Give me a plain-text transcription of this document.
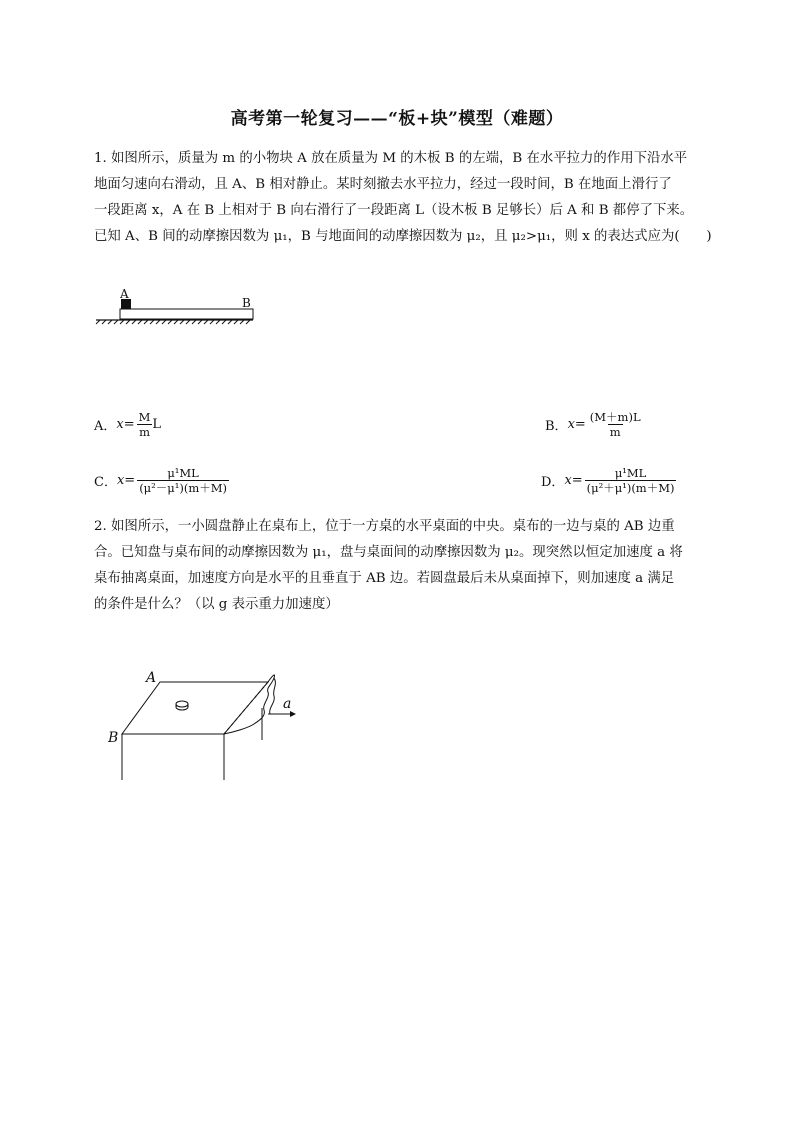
高考第一轮复习——“板+块”模型（难题）
1. 如图所示，质量为 m 的小物块 A 放在质量为 M 的木板 B 的左端，B 在水平拉力的作用下沿水平
地面匀速向右滑动，且 A、B 相对静止。某时刻撤去水平拉力，经过一段时间，B 在地面上滑行了
一段距离 x，A 在 B 上相对于 B 向右滑行了一段距离 L（设木板 B 足够长）后 A 和 B 都停了下来。
已知 A、B 间的动摩擦因数为 μ₁，B 与地面间的动摩擦因数为 μ₂，且 μ₂>μ₁，则 x 的表达式应为(　　)
A
B
A． $x= \frac{M}{m}$ L	B． $x= \frac{(M+m)L}{m}$
C． $x= \frac{\text{μ¹ML}}{\text{(μ²－μ¹)(m＋M)}}$	D． $x= \frac{\text{μ¹ML}}{\text{(μ²＋μ¹)(m＋M)}}$
2. 如图所示，一小圆盘静止在桌布上，位于一方桌的水平桌面的中央。桌布的一边与桌的 AB 边重
合。已知盘与桌布间的动摩擦因数为 μ₁，盘与桌面间的动摩擦因数为 μ₂。现突然以恒定加速度 a 将
桌布抽离桌面，加速度方向是水平的且垂直于 AB 边。若圆盘最后未从桌面掉下，则加速度 a 满足
的条件是什么？（以 g 表示重力加速度）
A
B
a
